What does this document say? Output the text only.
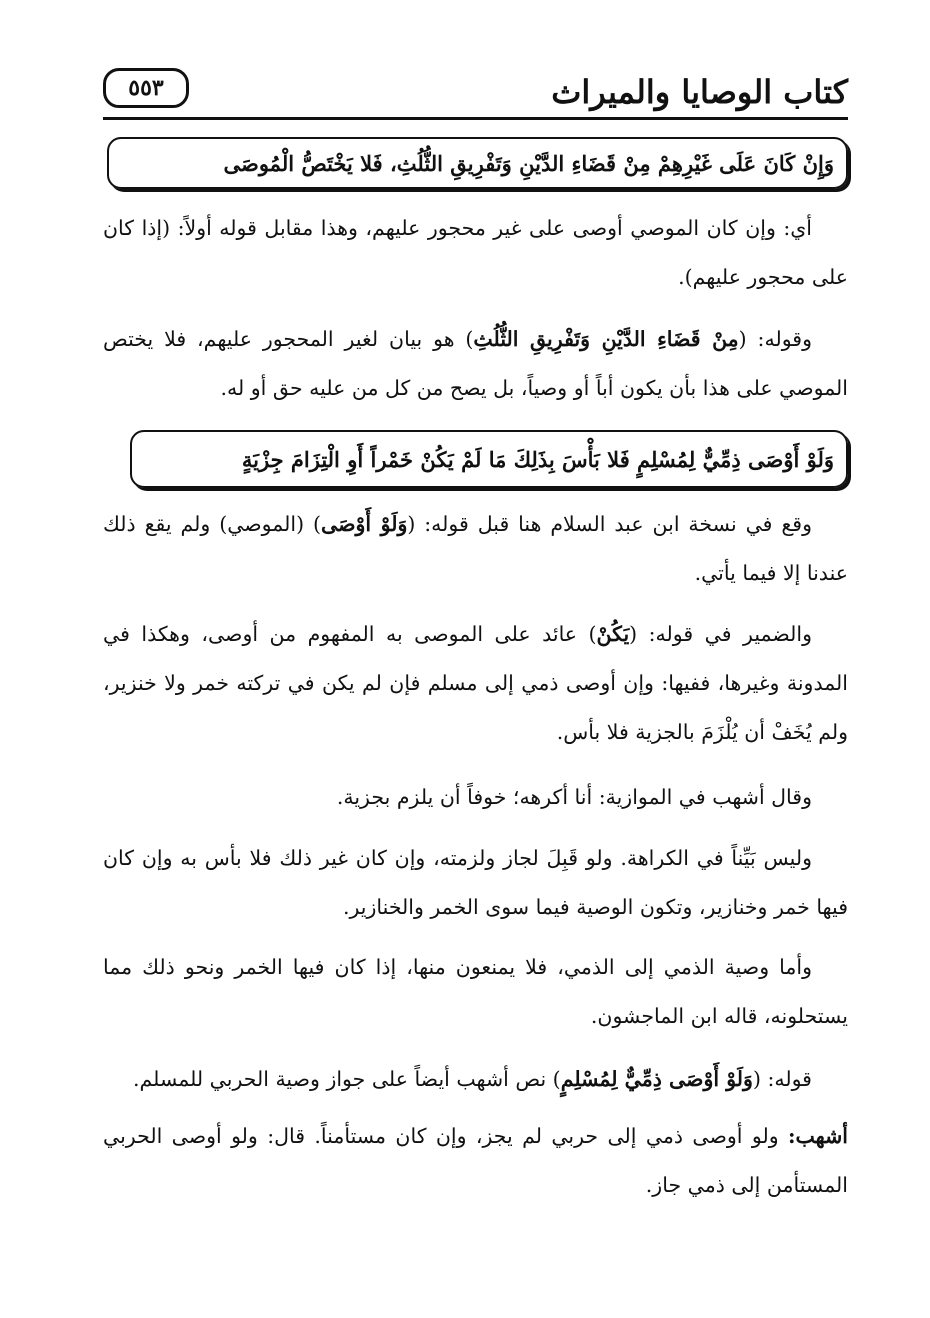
كتاب الوصايا والميراث
٥٥٣
وَإِنْ كَانَ عَلَى غَيْرِهِمْ مِنْ قَضَاءِ الدَّيْنِ وَتَفْرِيقِ الثُّلُثِ، فَلا يَخْتَصُّ الْمُوصَى
أي: وإن كان الموصي أوصى على غير محجور عليهم، وهذا مقابل قوله أولاً: (إذا كان على محجور عليهم).
وقوله: (مِنْ قَضَاءِ الدَّيْنِ وَتَفْرِيقِ الثُّلُثِ) هو بيان لغير المحجور عليهم، فلا يختص الموصي على هذا بأن يكون أباً أو وصياً، بل يصح من كل من عليه حق أو له.
وَلَوْ أَوْصَى ذِمِّيٌّ لِمُسْلِمٍ فَلا بَأْسَ بِذَلِكَ مَا لَمْ يَكُنْ خَمْراً أَوِ الْتِزَامَ جِزْيَةٍ
وقع في نسخة ابن عبد السلام هنا قبل قوله: (وَلَوْ أَوْصَى) (الموصي) ولم يقع ذلك عندنا إلا فيما يأتي.
والضمير في قوله: (يَكُنْ) عائد على الموصى به المفهوم من أوصى، وهكذا في المدونة وغيرها، ففيها: وإن أوصى ذمي إلى مسلم فإن لم يكن في تركته خمر ولا خنزير، ولم يُخَفْ أن يُلْزَمَ بالجزية فلا بأس.
وقال أشهب في الموازية: أنا أكرهه؛ خوفاً أن يلزم بجزية.
وليس بَيِّناً في الكراهة. ولو قَبِلَ لجاز ولزمته، وإن كان غير ذلك فلا بأس به وإن كان فيها خمر وخنازير، وتكون الوصية فيما سوى الخمر والخنازير.
وأما وصية الذمي إلى الذمي، فلا يمنعون منها، إذا كان فيها الخمر ونحو ذلك مما يستحلونه، قاله ابن الماجشون.
قوله: (وَلَوْ أَوْصَى ذِمِّيٌّ لِمُسْلِمٍ) نص أشهب أيضاً على جواز وصية الحربي للمسلم.
أشهب: ولو أوصى ذمي إلى حربي لم يجز، وإن كان مستأمناً. قال: ولو أوصى الحربي المستأمن إلى ذمي جاز.
